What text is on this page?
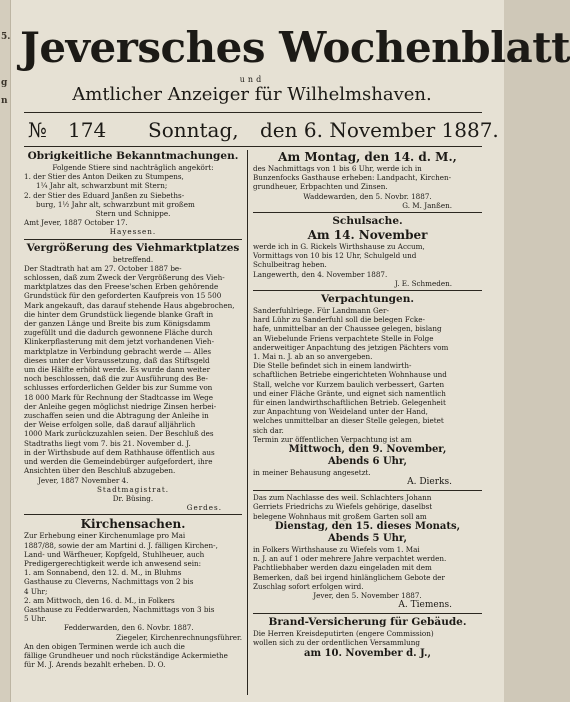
5.
g
n
Jeversches Wochenblatt
und
Amtlicher Anzeiger für Wilhelmshaven.
№ 174 Sonntag, den 6. November 1887.
Obrigkeitliche Bekanntmachungen.
Folgende Stiere sind nachträglich angekört:
1. der Stier des Anton Deiken zu Stumpens,
1¼ Jahr alt, schwarzbunt mit Stern;
2. der Stier des Eduard Janßen zu Siebeths-
burg, 1½ Jahr alt, schwarzbunt mit großem
Stern und Schnippe.
Amt Jever, 1887 October 17.
Hayessen.
Vergrößerung des Viehmarktplatzes
betreffend.
Der Stadtrath hat am 27. October 1887 be-
schlossen, daß zum Zweck der Vergrößerung des Vieh-
marktplatzes das den Freese'schen Erben gehörende
Grundstück für den geforderten Kaufpreis von 15 500
Mark angekauft, das darauf stehende Haus abgebrochen,
die hinter dem Grundstück liegende blanke Graft in
der ganzen Länge und Breite bis zum Königsdamm
zugefüllt und die dadurch gewonnene Fläche durch
Klinkerpflasterung mit dem jetzt vorhandenen Vieh-
marktplatze in Verbindung gebracht werde — Alles
dieses unter der Voraussetzung, daß das Stiftsgeld
um die Hälfte erhöht werde. Es wurde dann weiter
noch beschlossen, daß die zur Ausführung des Be-
schlusses erforderlichen Gelder bis zur Summe von
18 000 Mark für Rechnung der Stadtcasse im Wege
der Anleihe gegen möglichst niedrige Zinsen herbei-
zuschaffen seien und die Abtragung der Anleihe in
der Weise erfolgen solle, daß darauf alljährlich
1000 Mark zurückzuzahlen seien. Der Beschluß des
Stadtraths liegt vom 7. bis 21. November d. J.
in der Wirthsbude auf dem Rathhause öffentlich aus
und werden die Gemeindebürger aufgefordert, ihre
Ansichten über den Beschluß abzugeben.
Jever, 1887 November 4.
Stadtmagistrat.
Dr. Büsing.
Gerdes.
Kirchensachen.
Zur Erhebung einer Kirchenumlage pro Mai
1887/88, sowie der am Martini d. J. fälligen Kirchen-,
Land- und Wärfheuer, Kopfgeld, Stuhlheuer, auch
Predigergerechtigkeit werde ich anwesend sein:
1. am Sonnabend, den 12. d. M., in Bluhms
Gasthause zu Cleverns, Nachmittags von 2 bis
4 Uhr;
2. am Mittwoch, den 16. d. M., in Folkers
Gasthause zu Fedderwarden, Nachmittags von 3 bis
5 Uhr.
Fedderwarden, den 6. Novbr. 1887.
Ziegeler, Kirchenrechnungsführer.
An den obigen Terminen werde ich auch die
fällige Grundheuer und noch rückständige Ackermiethe
für M. J. Arends bezahlt erheben. D. O.
Am Montag, den 14. d. M.,
des Nachmittags von 1 bis 6 Uhr, werde ich in
Bunzenfocks Gasthause erheben: Landpacht, Kirchen-
grundheuer, Erbpachten und Zinsen.
Waddewarden, den 5. Novbr. 1887.
G. M. Janßen.
Schulsache.
Am 14. November
werde ich in G. Rickels Wirthshause zu Accum,
Vormittags von 10 bis 12 Uhr, Schulgeld und
Schulbeitrag heben.
Langewerth, den 4. November 1887.
J. E. Schmeden.
Verpachtungen.
Sanderfuhlriege. Für Landmann Ger-
hard Lühr zu Sanderfuhl soll die belegen Fcke-
hafe, unmittelbar an der Chaussee gelegen, bislang
an Wiebelunde Friens verpachtete Stelle in Folge
anderweitiger Anpachtung des jetzigen Pächters vom
1. Mai n. J. ab an so anvergeben.
Die Stelle befindet sich in einem landwirth-
schaftlichen Betriebe eingerichteten Wohnhause und
Stall, welche vor Kurzem baulich verbessert, Garten
und einer Fläche Gränte, und eignet sich namentlich
für einen landwirthschaftlichen Betrieb. Gelegenheit
zur Anpachtung von Weideland unter der Hand,
welches unmittelbar an dieser Stelle gelegen, bietet
sich dar.
Termin zur öffentlichen Verpachtung ist am
Mittwoch, den 9. November,
Abends 6 Uhr,
in meiner Behausung angesetzt.
A. Dierks.
Das zum Nachlasse des weil. Schlachters Johann
Gerriets Friedrichs zu Wiefels gehörige, daselbst
belegene Wohnhaus mit großem Garten soll am
Dienstag, den 15. dieses Monats,
Abends 5 Uhr,
in Folkers Wirthshause zu Wiefels vom 1. Mai
n. J. an auf 1 oder mehrere Jahre verpachtet werden.
Pachtliebhaber werden dazu eingeladen mit dem
Bemerken, daß bei irgend hinlänglichem Gebote der
Zuschlag sofort erfolgen wird.
Jever, den 5. November 1887.
A. Tiemens.
Brand-Versicherung für Gebäude.
Die Herren Kreisdeputirten (engere Commission)
wollen sich zu der ordentlichen Versammlung
am 10. November d. J.,
